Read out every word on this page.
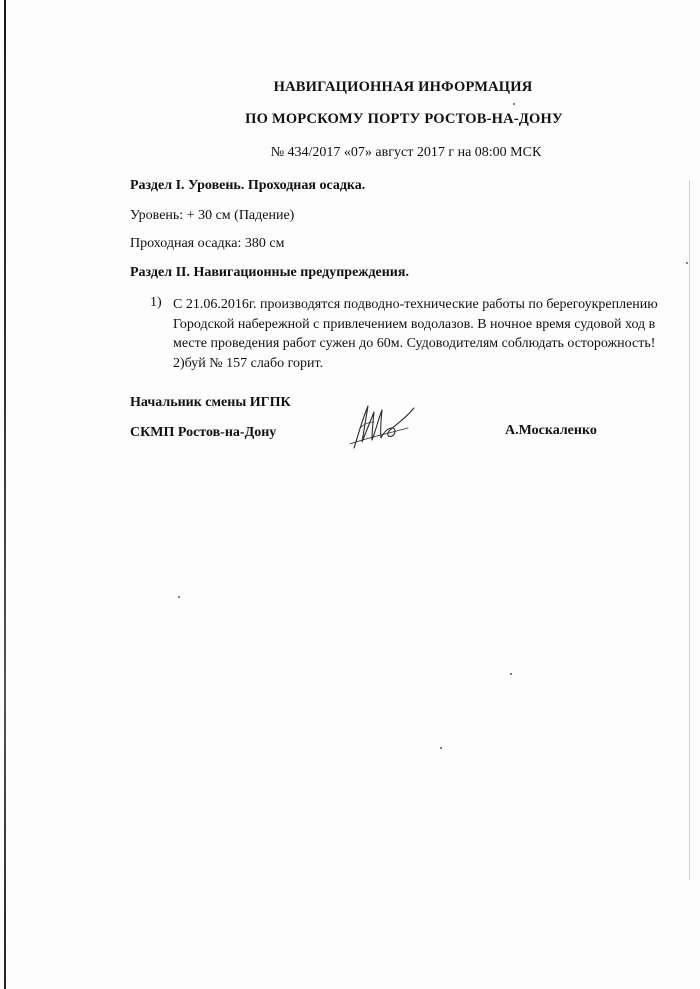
НАВИГАЦИОННАЯ ИНФОРМАЦИЯ
ПО МОРСКОМУ ПОРТУ РОСТОВ-НА-ДОНУ
№ 434/2017 «07» август 2017 г на 08:00 МСК
Раздел I. Уровень. Проходная осадка.
Уровень: + 30 см (Падение)
Проходная осадка: 380 см
Раздел II. Навигационные предупреждения.
1) С 21.06.2016г. производятся подводно-технические работы по берегоукреплению
Городской набережной с привлечением водолазов. В ночное время судовой ход в
месте проведения работ сужен до 60м. Судоводителям соблюдать осторожность!
2)буй № 157 слабо горит.
Начальник смены ИГПК
СКМП Ростов-на-Дону	А.Москаленко
